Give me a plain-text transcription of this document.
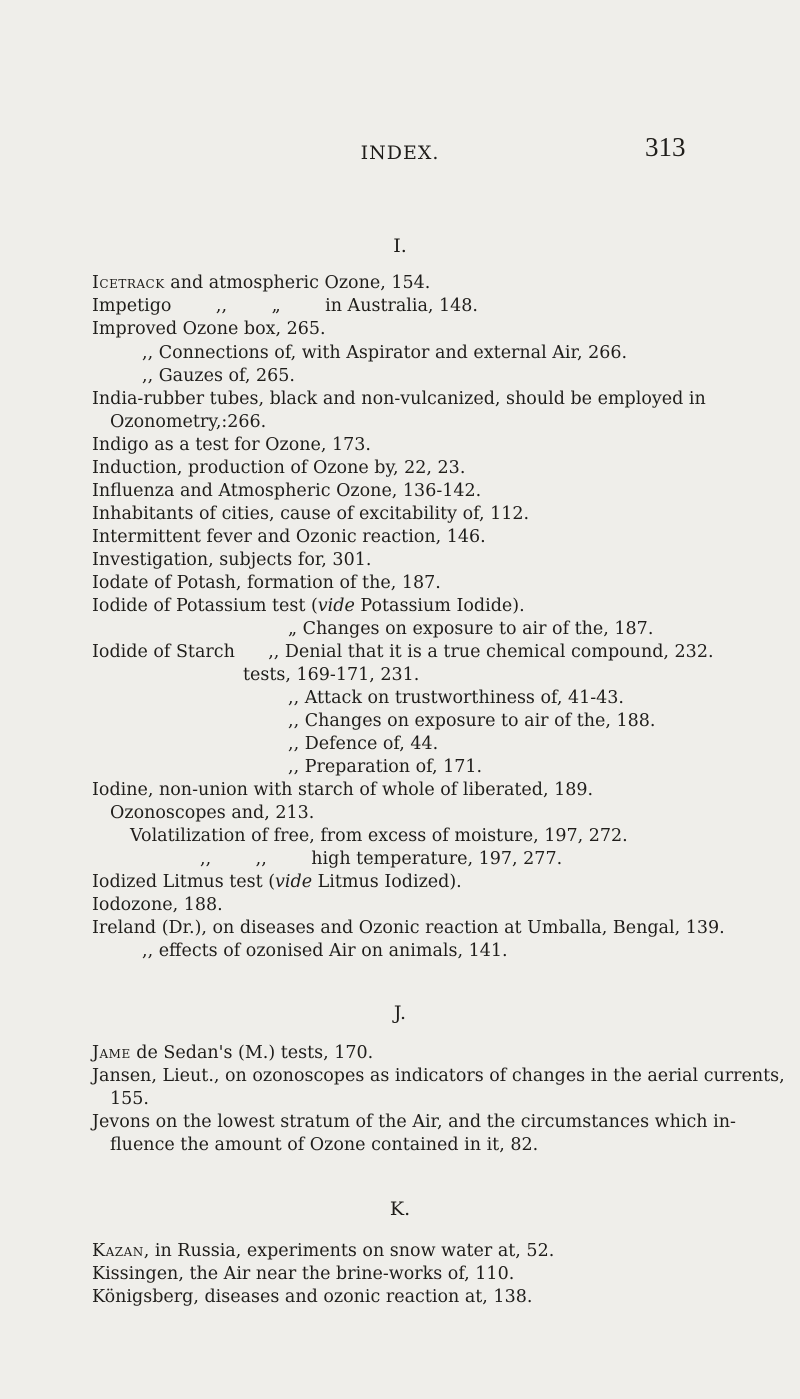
INDEX.	313
I.
Icetrack and atmospheric Ozone, 154.
Impetigo        ,,        „        in Australia, 148.
Improved Ozone box, 265.
,, Connections of, with Aspirator and external Air, 266.
,, Gauzes of, 265.
India-rubber tubes, black and non-vulcanized, should be employed in
Ozonometry,:266.
Indigo as a test for Ozone, 173.
Induction, production of Ozone by, 22, 23.
Influenza and Atmospheric Ozone, 136-142.
Inhabitants of cities, cause of excitability of, 112.
Intermittent fever and Ozonic reaction, 146.
Investigation, subjects for, 301.
Iodate of Potash, formation of the, 187.
Iodide of Potassium test (vide Potassium Iodide).
„ Changes on exposure to air of the, 187.
Iodide of Starch      ,, Denial that it is a true chemical compound, 232.
tests, 169-171, 231.
,, Attack on trustworthiness of, 41-43.
,, Changes on exposure to air of the, 188.
,, Defence of, 44.
,, Preparation of, 171.
Iodine, non-union with starch of whole of liberated, 189.
Ozonoscopes and, 213.
Volatilization of free, from excess of moisture, 197, 272.
,,        ,,        high temperature, 197, 277.
Iodized Litmus test (vide Litmus Iodized).
Iodozone, 188.
Ireland (Dr.), on diseases and Ozonic reaction at Umballa, Bengal, 139.
,, effects of ozonised Air on animals, 141.
J.
Jame de Sedan's (M.) tests, 170.
Jansen, Lieut., on ozonoscopes as indicators of changes in the aerial currents,
155.
Jevons on the lowest stratum of the Air, and the circumstances which in-
fluence the amount of Ozone contained in it, 82.
K.
Kazan, in Russia, experiments on snow water at, 52.
Kissingen, the Air near the brine-works of, 110.
Königsberg, diseases and ozonic reaction at, 138.
